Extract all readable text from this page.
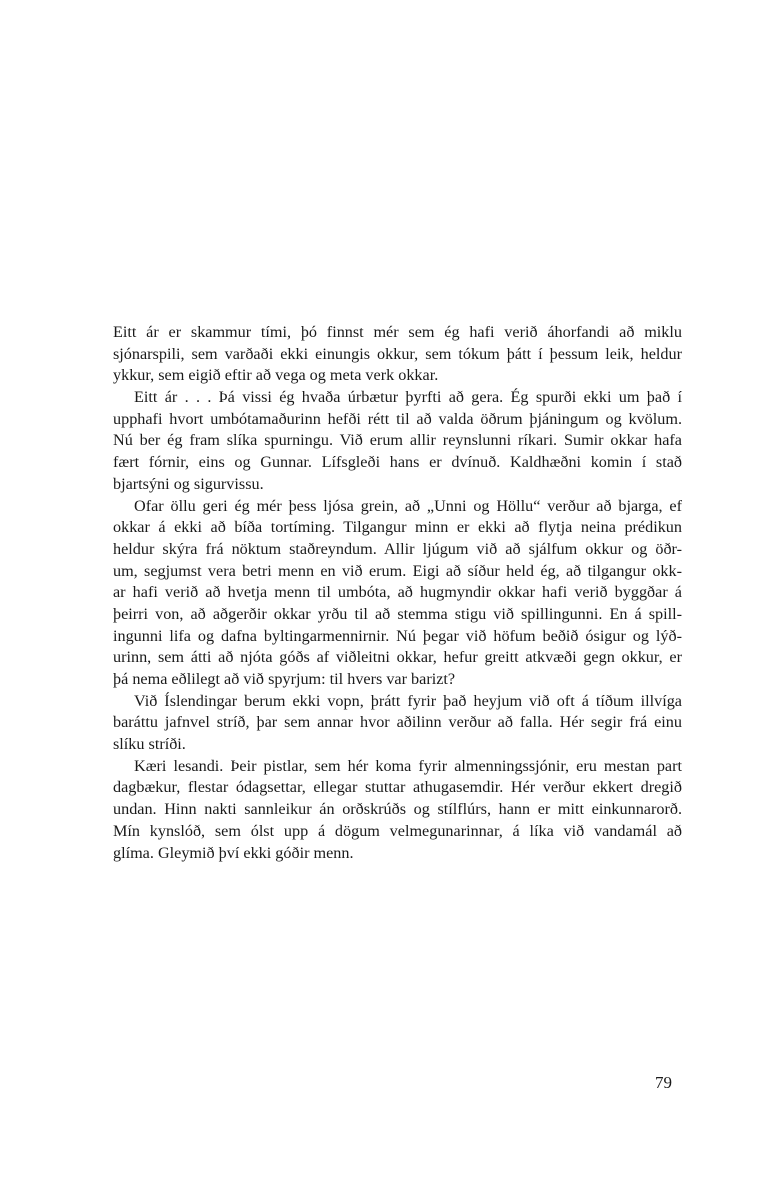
Eitt ár er skammur tími, þó finnst mér sem ég hafi verið áhorfandi að miklu
sjónarspili, sem varðaði ekki einungis okkur, sem tókum þátt í þessum leik, heldur
ykkur, sem eigið eftir að vega og meta verk okkar.
Eitt ár . . . Þá vissi ég hvaða úrbætur þyrfti að gera. Ég spurði ekki um það í
upphafi hvort umbótamaðurinn hefði rétt til að valda öðrum þjáningum og kvölum.
Nú ber ég fram slíka spurningu. Við erum allir reynslunni ríkari. Sumir okkar hafa
fært fórnir, eins og Gunnar. Lífsgleði hans er dvínuð. Kaldhæðni komin í stað
bjartsýni og sigurvissu.
Ofar öllu geri ég mér þess ljósa grein, að „Unni og Höllu“ verður að bjarga, ef
okkar á ekki að bíða tortíming. Tilgangur minn er ekki að flytja neina prédikun
heldur skýra frá nöktum staðreyndum. Allir ljúgum við að sjálfum okkur og öðr-
um, segjumst vera betri menn en við erum. Eigi að síður held ég, að tilgangur okk-
ar hafi verið að hvetja menn til umbóta, að hugmyndir okkar hafi verið byggðar á
þeirri von, að aðgerðir okkar yrðu til að stemma stigu við spillingunni. En á spill-
ingunni lifa og dafna byltingarmennirnir. Nú þegar við höfum beðið ósigur og lýð-
urinn, sem átti að njóta góðs af viðleitni okkar, hefur greitt atkvæði gegn okkur, er
þá nema eðlilegt að við spyrjum: til hvers var barizt?
Við Íslendingar berum ekki vopn, þrátt fyrir það heyjum við oft á tíðum illvíga
baráttu jafnvel stríð, þar sem annar hvor aðilinn verður að falla. Hér segir frá einu
slíku stríði.
Kæri lesandi. Þeir pistlar, sem hér koma fyrir almenningssjónir, eru mestan part
dagbækur, flestar ódagsettar, ellegar stuttar athugasemdir. Hér verður ekkert dregið
undan. Hinn nakti sannleikur án orðskrúðs og stílflúrs, hann er mitt einkunnarorð.
Mín kynslóð, sem ólst upp á dögum velmegunarinnar, á líka við vandamál að
glíma. Gleymið því ekki góðir menn.
79
